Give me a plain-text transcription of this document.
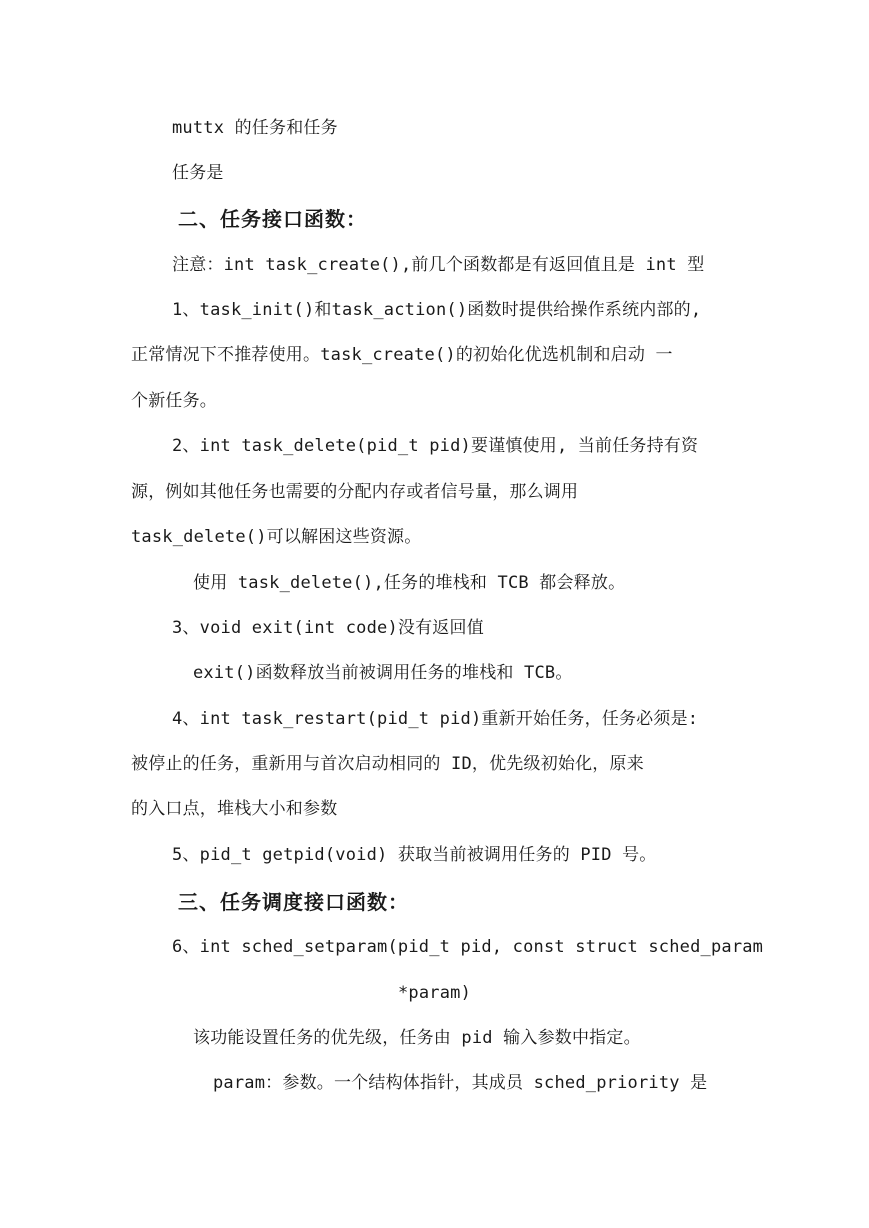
muttx 的任务和任务
任务是
二、任务接口函数：
注意：int task_create(),前几个函数都是有返回值且是 int 型
1、task_init()和task_action()函数时提供给操作系统内部的,
正常情况下不推荐使用。task_create()的初始化优选机制和启动 一
个新任务。
2、int task_delete(pid_t pid)要谨慎使用, 当前任务持有资
源，例如其他任务也需要的分配内存或者信号量，那么调用
task_delete()可以解困这些资源。
使用 task_delete(),任务的堆栈和 TCB 都会释放。
3、void exit(int code)没有返回值
exit()函数释放当前被调用任务的堆栈和 TCB。
4、int task_restart(pid_t pid)重新开始任务，任务必须是:
被停止的任务，重新用与首次启动相同的 ID，优先级初始化，原来
的入口点，堆栈大小和参数
5、pid_t getpid(void) 获取当前被调用任务的 PID 号。
三、任务调度接口函数：
6、int sched_setparam(pid_t pid, const struct sched_param
*param)
该功能设置任务的优先级，任务由 pid 输入参数中指定。
param：参数。一个结构体指针，其成员 sched_priority 是
